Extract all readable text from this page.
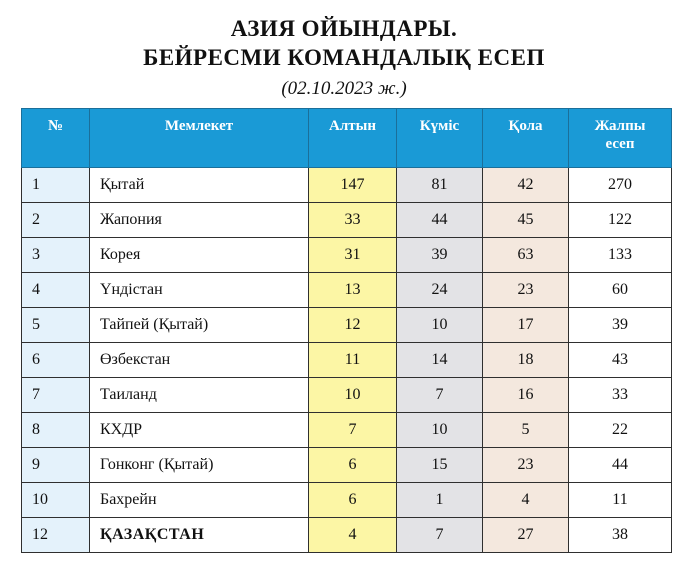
АЗИЯ ОЙЫНДАРЫ.
БЕЙРЕСМИ КОМАНДАЛЫҚ ЕСЕП
(02.10.2023 ж.)
№	Мемлекет	Алтын	Күміс	Қола	Жалпы
есеп

1	Қытай	147	81	42	270
2	Жапония	33	44	45	122
3	Корея	31	39	63	133
4	Үндістан	13	24	23	60
5	Тайпей (Қытай)	12	10	17	39
6	Өзбекстан	11	14	18	43
7	Таиланд	10	7	16	33
8	КХДР	7	10	5	22
9	Гонконг (Қытай)	6	15	23	44
10	Бахрейн	6	1	4	11
12	ҚАЗАҚСТАН	4	7	27	38
